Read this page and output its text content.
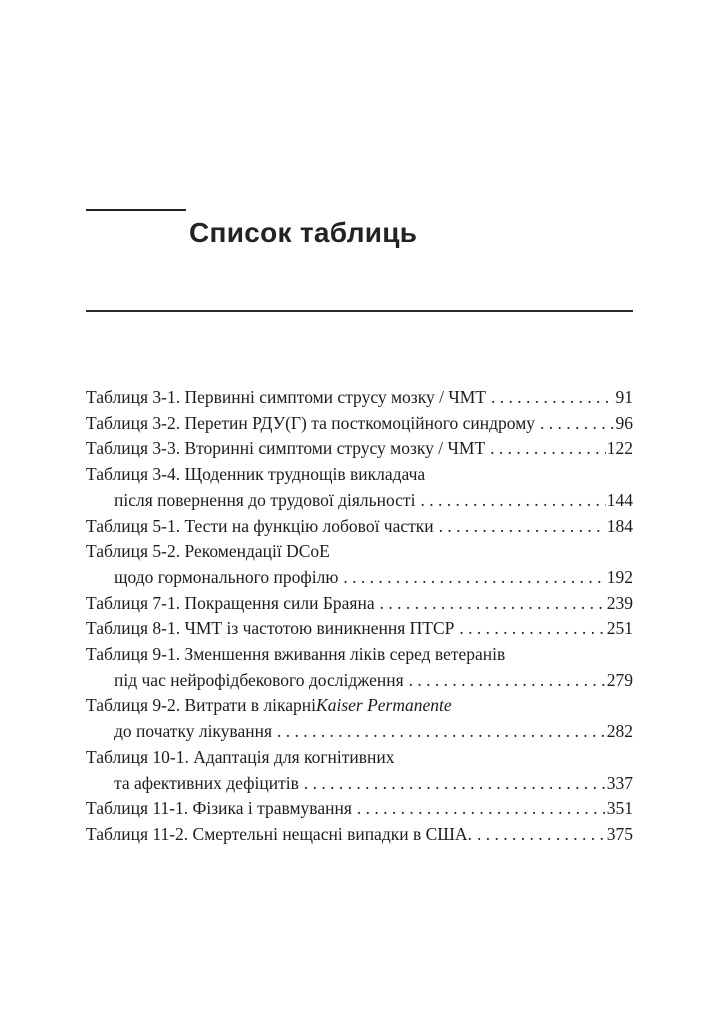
Список таблиць
Таблиця 3-1. Первинні симптоми струсу мозку / ЧМТ . . .	91
Таблиця 3-2. Перетин РДУ(Г) та посткомоційного синдрому . . .	96
Таблиця 3-3. Вторинні симптоми струсу мозку / ЧМТ . . .	122
Таблиця 3-4. Щоденник труднощів викладача
після повернення до трудової діяльності . . .	144
Таблиця 5-1. Тести на функцію лобової частки . . .	184
Таблиця 5-2. Рекомендації DCoE
щодо гормонального профілю . . .	192
Таблиця 7-1. Покращення сили Браяна . . .	239
Таблиця 8-1. ЧМТ із частотою виникнення ПТСР . . .	251
Таблиця 9-1. Зменшення вживання ліків серед ветеранів
під час нейрофідбекового дослідження . . .	279
Таблиця 9-2. Витрати в лікарні Kaiser Permanente
до початку лікування . . .	282
Таблиця 10-1. Адаптація для когнітивних
та афективних дефіцитів . . .	337
Таблиця 11-1. Фізика і травмування . . .	351
Таблиця 11-2. Смертельні нещасні випадки в США. . . .	375
